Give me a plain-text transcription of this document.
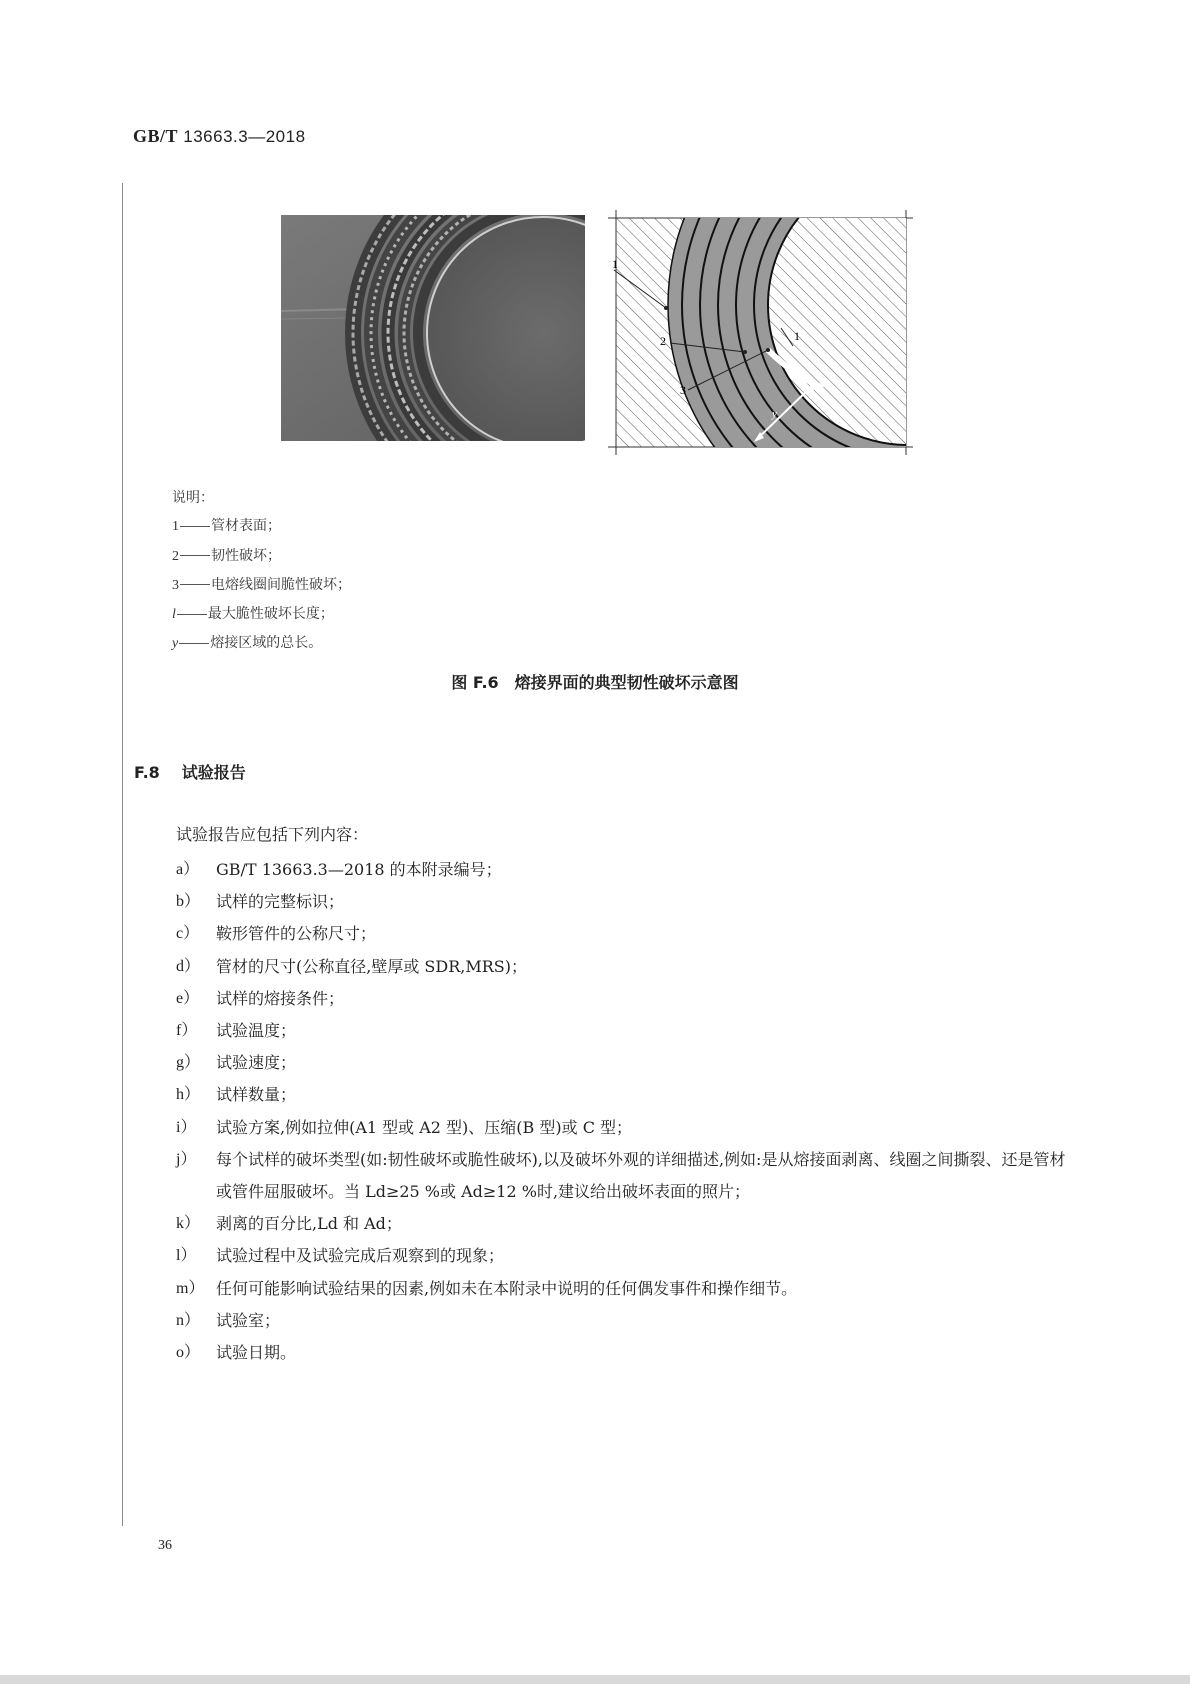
GB/T 13663.3—2018
1
2
3
1
y
说明：
1 管材表面；
2 韧性破坏；
3 电熔线圈间脆性破坏；
l 最大脆性破坏长度；
y 熔接区域的总长。
图 F.6　熔接界面的典型韧性破坏示意图
F.8 试验报告
试验报告应包括下列内容：
a）	GB/T 13663.3—2018 的本附录编号；
b） 试样的完整标识；
c）	鞍形管件的公称尺寸；
d） 管材的尺寸(公称直径,壁厚或 SDR,MRS)；
e）	试样的熔接条件；
f）	试验温度；
g） 试验速度；
h） 试样数量；
i）	试验方案,例如拉伸(A1 型或 A2 型)、压缩(B 型)或 C 型；
j）	每个试样的破坏类型(如:韧性破坏或脆性破坏),以及破坏外观的详细描述,例如:是从熔接面剥离、线圈之间撕裂、还是管材或管件屈服破坏。当 Ld≥25 %或 Ad≥12 %时,建议给出破坏表面的照片；
k） 剥离的百分比,Ld 和 Ad；
l）	试验过程中及试验完成后观察到的现象；
m） 任何可能影响试验结果的因素,例如未在本附录中说明的任何偶发事件和操作细节。
n） 试验室；
o） 试验日期。
36
